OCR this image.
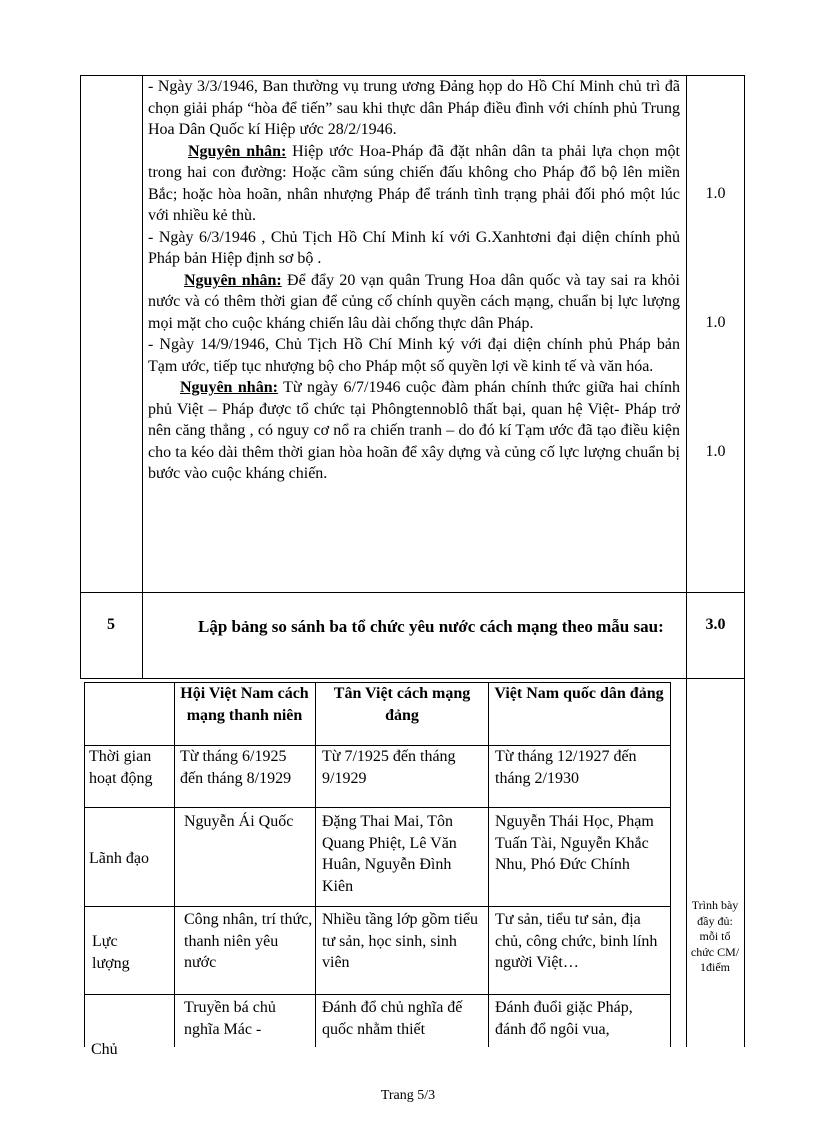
- Ngày 3/3/1946, Ban thường vụ trung ương Đảng họp do Hồ Chí Minh chủ trì đã chọn giải pháp “hòa để tiến” sau khi thực dân Pháp điều đình với chính phủ Trung Hoa Dân Quốc kí Hiệp ước 28/2/1946.

Nguyên nhân: Hiệp ước Hoa-Pháp đã đặt nhân dân ta phải lựa chọn một trong hai con đường: Hoặc cầm súng chiến đấu không cho Pháp đổ bộ lên miền Bắc; hoặc hòa hoãn, nhân nhượng Pháp để tránh tình trạng phải đối phó một lúc với nhiều kẻ thù.

- Ngày 6/3/1946 , Chủ Tịch Hồ Chí Minh kí với G.Xanhtơni đại diện chính phủ Pháp bản Hiệp định sơ bộ .

Nguyên nhân: Để đẩy 20 vạn quân Trung Hoa dân quốc và tay sai ra khỏi nước và có thêm thời gian để củng cố chính quyền cách mạng, chuẩn bị lực lượng mọi mặt cho cuộc kháng chiến lâu dài chống thực dân Pháp.

- Ngày 14/9/1946, Chủ Tịch Hồ Chí Minh ký với đại diện chính phủ Pháp bản Tạm ước, tiếp tục nhượng bộ cho Pháp một số quyền lợi về kinh tế và văn hóa.

Nguyên nhân: Từ ngày 6/7/1946 cuộc đàm phán chính thức giữa hai chính phủ Việt – Pháp được tổ chức tại Phôngtennoblô thất bại, quan hệ Việt- Pháp trở nên căng thẳng , có nguy cơ nổ ra chiến tranh – do đó kí Tạm ước đã tạo điều kiện cho ta kéo dài thêm thời gian hòa hoãn để xây dựng và củng cố lực lượng chuẩn bị bước vào cuộc kháng chiến.

1.0
1.0
1.0
5	Lập bảng so sánh ba tổ chức yêu nước cách mạng theo mẫu sau:	3.0
Hội Việt Nam cách mạng thanh niên
Tân Việt cách mạng đảng
Việt Nam quốc dân đảng
Thời gian hoạt động
Từ tháng 6/1925 đến tháng 8/1929
Từ 7/1925 đến tháng 9/1929
Từ tháng 12/1927 đến tháng 2/1930
Lãnh đạo
Nguyễn Ái Quốc Đặng Thai Mai, Tôn Quang Phiệt, Lê Văn Huân, Nguyễn Đình Kiên
Nguyễn Thái Học, Phạm Tuấn Tài, Nguyễn Khắc Nhu, Phó Đức Chính
Lực lượng
Công nhân, trí thức, thanh niên yêu nước
Nhiều tầng lớp gồm tiểu tư sản, học sinh, sinh viên
Tư sản, tiểu tư sản, địa chủ, công chức, binh lính người Việt…
Chủ
Truyền bá chủ nghĩa Mác -
Đánh đổ chủ nghĩa đế quốc nhằm thiết
Đánh đuổi giặc Pháp, đánh đổ ngôi vua,
Trình bày đầy đủ: mỗi tổ chức CM/ 1điểm
Trang 5/3
